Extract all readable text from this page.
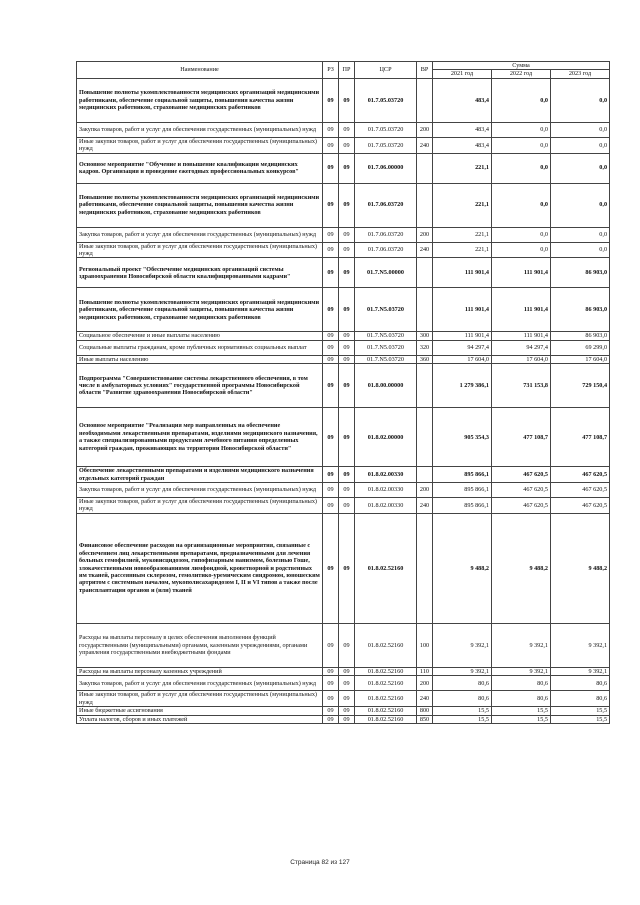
Наименование	РЗ	ПР	ЦСР	ВР	Сумма		
					2021 год	2022 год	2023 год
Повышение полноты укомплектованности медицинских организаций медицинскими работниками, обеспечение социальной защиты, повышения качества жизни медицинских работников, страхование медицинских работников	09	09	01.7.05.03720		483,4	0,0	0,0
Закупка товаров, работ и услуг для обеспечения государственных (муниципальных) нужд	09	09	01.7.05.03720	200	483,4	0,0	0,0
Иные закупки товаров, работ и услуг для обеспечения государственных (муниципальных) нужд	09	09	01.7.05.03720	240	483,4	0,0	0,0
Основное мероприятие "Обучение и повышение квалификации медицинских кадров. Организация и проведение ежегодных профессиональных конкурсов"	09	09	01.7.06.00000		221,1	0,0	0,0
Повышение полноты укомплектованности медицинских организаций медицинскими работниками, обеспечение социальной защиты, повышения качества жизни медицинских работников, страхование медицинских работников	09	09	01.7.06.03720		221,1	0,0	0,0
Закупка товаров, работ и услуг для обеспечения государственных (муниципальных) нужд	09	09	01.7.06.03720	200	221,1	0,0	0,0
Иные закупки товаров, работ и услуг для обеспечения государственных (муниципальных) нужд	09	09	01.7.06.03720	240	221,1	0,0	0,0
Региональный проект "Обеспечение медицинских организаций системы здравоохранения Новосибирской области квалифицированными кадрами"	09	09	01.7.N5.00000		111 901,4	111 901,4	86 903,0
Повышение полноты укомплектованности медицинских организаций медицинскими работниками, обеспечение социальной защиты, повышения качества жизни медицинских работников, страхование медицинских работников	09	09	01.7.N5.03720		111 901,4	111 901,4	86 903,0
Социальное обеспечение и иные выплаты населению	09	09	01.7.N5.03720	300	111 901,4	111 901,4	86 903,0
Социальные выплаты гражданам, кроме публичных нормативных социальных выплат	09	09	01.7.N5.03720	320	94 297,4	94 297,4	69 299,0
Иные выплаты населению	09	09	01.7.N5.03720	360	17 604,0	17 604,0	17 604,0
Подпрограмма "Совершенствование системы лекарственного обеспечения, в том числе в амбулаторных условиях" государственной программы Новосибирской области "Развитие здравоохранения Новосибирской области"	09	09	01.8.00.00000		1 279 386,1	731 153,8	729 150,4
Основное мероприятие "Реализация мер направленных на обеспечение необходимыми лекарственными препаратами, изделиями медицинского назначения, а также специализированными продуктами лечебного питания определенных категорий граждан, проживающих на территории Новосибирской области"	09	09	01.8.02.00000		905 354,3	477 108,7	477 108,7
Обеспечение лекарственными препаратами и изделиями медицинского назначения отдельных категорий граждан	09	09	01.8.02.00330		895 866,1	467 620,5	467 620,5
Закупка товаров, работ и услуг для обеспечения государственных (муниципальных) нужд	09	09	01.8.02.00330	200	895 866,1	467 620,5	467 620,5
Иные закупки товаров, работ и услуг для обеспечения государственных (муниципальных) нужд	09	09	01.8.02.00330	240	895 866,1	467 620,5	467 620,5
Финансовое обеспечение расходов на организационные мероприятия, связанные с обеспечением лиц лекарственными препаратами, предназначенными для лечения больных гемофилией, муковисцидозом, гипофизарным нанизмом, болезнью Гоше, злокачественными новообразованиями лимфоидной, кроветворной и родственных им тканей, рассеянным склерозом, гемолитико-уремическим синдромом, юношеским артритом с системным началом, мукополисахаридозом I, II и VI типов а также после трансплантации органов и (или) тканей	09	09	01.8.02.52160		9 488,2	9 488,2	9 488,2
Расходы на выплаты персоналу в целях обеспечения выполнения функций государственными (муниципальными) органами, казенными учреждениями, органами управления государственными внебюджетными фондами	09	09	01.8.02.52160	100	9 392,1	9 392,1	9 392,1
Расходы на выплаты персоналу казенных учреждений	09	09	01.8.02.52160	110	9 392,1	9 392,1	9 392,1
Закупка товаров, работ и услуг для обеспечения государственных (муниципальных) нужд	09	09	01.8.02.52160	200	80,6	80,6	80,6
Иные закупки товаров, работ и услуг для обеспечения государственных (муниципальных) нужд	09	09	01.8.02.52160	240	80,6	80,6	80,6
Иные бюджетные ассигнования	09	09	01.8.02.52160	800	15,5	15,5	15,5
Уплата налогов, сборов и иных платежей	09	09	01.8.02.52160	850	15,5	15,5	15,5
Страница 82 из 127
